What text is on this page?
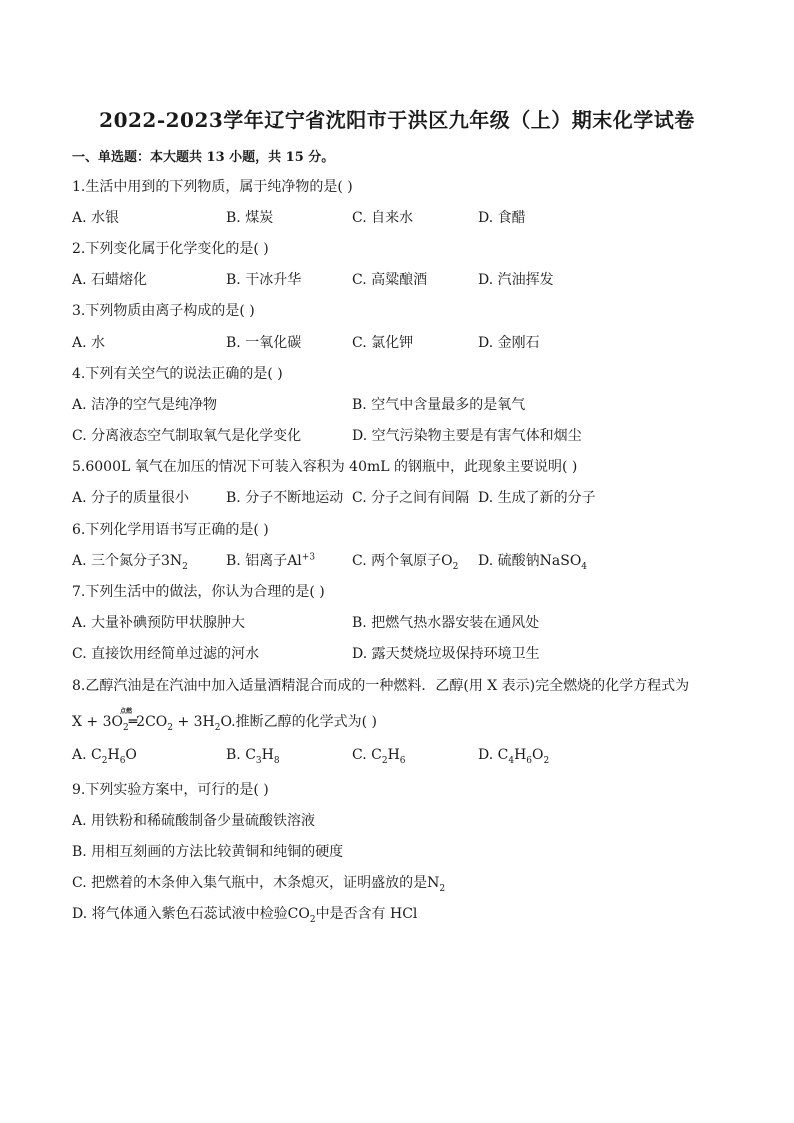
2022-2023学年辽宁省沈阳市于洪区九年级（上）期末化学试卷
一、单选题：本大题共 13 小题，共 15 分。
1.生活中用到的下列物质，属于纯净物的是( )
A. 水银	B. 煤炭	C. 自来水	D. 食醋
2.下列变化属于化学变化的是( )
A. 石蜡熔化	B. 干冰升华	C. 高粱酿酒	D. 汽油挥发
3.下列物质由离子构成的是( )
A. 水	B. 一氧化碳	C. 氯化钾	D. 金刚石
4.下列有关空气的说法正确的是( )
A. 洁净的空气是纯净物	B. 空气中含量最多的是氧气
C. 分离液态空气制取氧气是化学变化	D. 空气污染物主要是有害气体和烟尘
5.6000L 氧气在加压的情况下可装入容积为 40mL 的钢瓶中，此现象主要说明( )
A. 分子的质量很小	B. 分子不断地运动 C. 分子之间有间隔 D. 生成了新的分子
6.下列化学用语书写正确的是( )
A. 三个氮分子$3N_2$	B. 铝离子$Al^{+3}$	C. 两个氧原子$O_2$ D. 硫酸钠NaSO$_4$
7.下列生活中的做法，你认为合理的是( )
A. 大量补碘预防甲状腺肿大	B. 把燃气热水器安装在通风处
C. 直接饮用经简单过滤的河水	D. 露天焚烧垃圾保持环境卫生
8.乙醇汽油是在汽油中加入适量酒精混合而成的一种燃料．乙醇(用 X 表示)完全燃烧的化学方程式为
点燃
$X + 3O_2═2CO_2 + 3H_2O$.推断乙醇的化学式为( )
A. $C_2H_6O$	B. $C_3H_8$	C. $C_2H_6$	D. $C_4H_6O_2$
9.下列实验方案中，可行的是( )
A. 用铁粉和稀硫酸制备少量硫酸铁溶液
B. 用相互刻画的方法比较黄铜和纯铜的硬度
C. 把燃着的木条伸入集气瓶中，木条熄灭，证明盛放的是$N_2$
D. 将气体通入紫色石蕊试液中检验$CO_2$中是否含有 HCl
